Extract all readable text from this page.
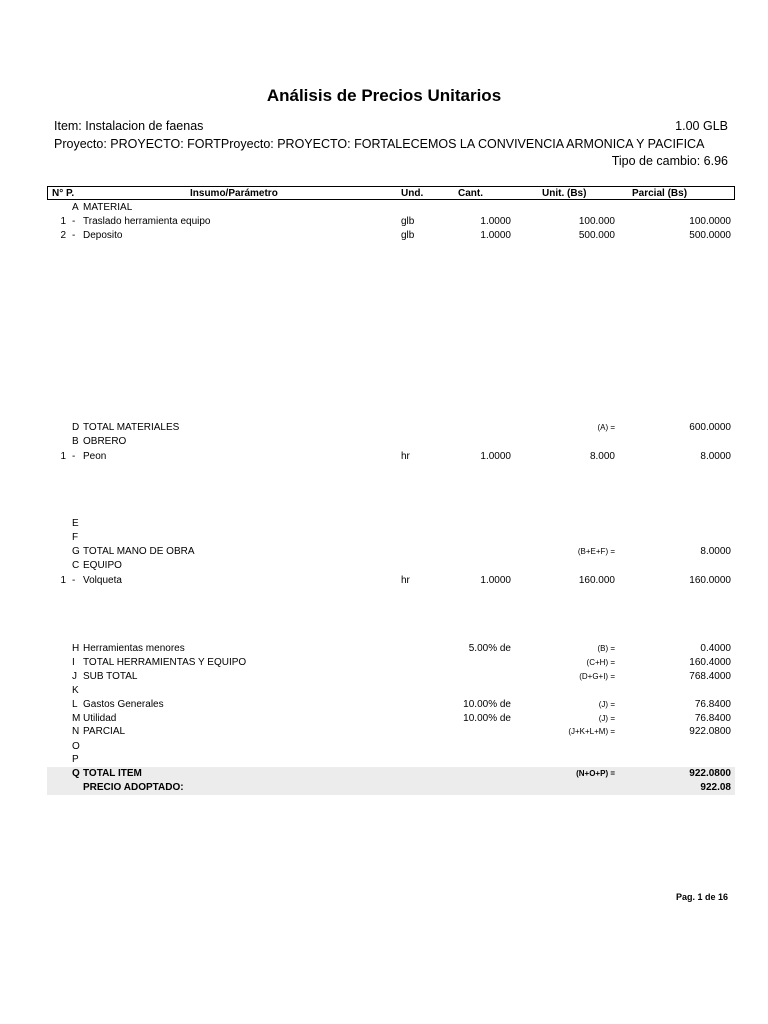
Análisis de Precios Unitarios
Item: Instalacion de faenas	1.00 GLB
Proyecto: PROYECTO: FORTProyecto: PROYECTO: FORTALECEMOS LA CONVIVENCIA ARMONICA Y PACIFICA
Tipo de cambio: 6.96
N° P.	Insumo/Parámetro	Und.	Cant.	Unit. (Bs)	Parcial (Bs)
A MATERIAL
1 - Traslado herramienta equipo	glb	1.0000	100.000	100.0000
2 - Deposito	glb	1.0000	500.000	500.0000
D TOTAL MATERIALES	(A) =	600.0000
B OBRERO
1 - Peon	hr	1.0000	8.000	8.0000
E
F
G TOTAL MANO DE OBRA	(B+E+F) =	8.0000
C EQUIPO
1 - Volqueta	hr	1.0000	160.000	160.0000
H Herramientas menores	5.00% de	(B) =	0.4000
I TOTAL HERRAMIENTAS Y EQUIPO	(C+H) =	160.4000
J SUB TOTAL	(D+G+I) =	768.4000
K
L Gastos Generales	10.00% de	(J) =	76.8400
M Utilidad	10.00% de	(J) =	76.8400
N PARCIAL	(J+K+L+M) =	922.0800
O
P
Q TOTAL ITEM	(N+O+P) =	922.0800
PRECIO ADOPTADO:	922.08
Pag. 1 de 16
